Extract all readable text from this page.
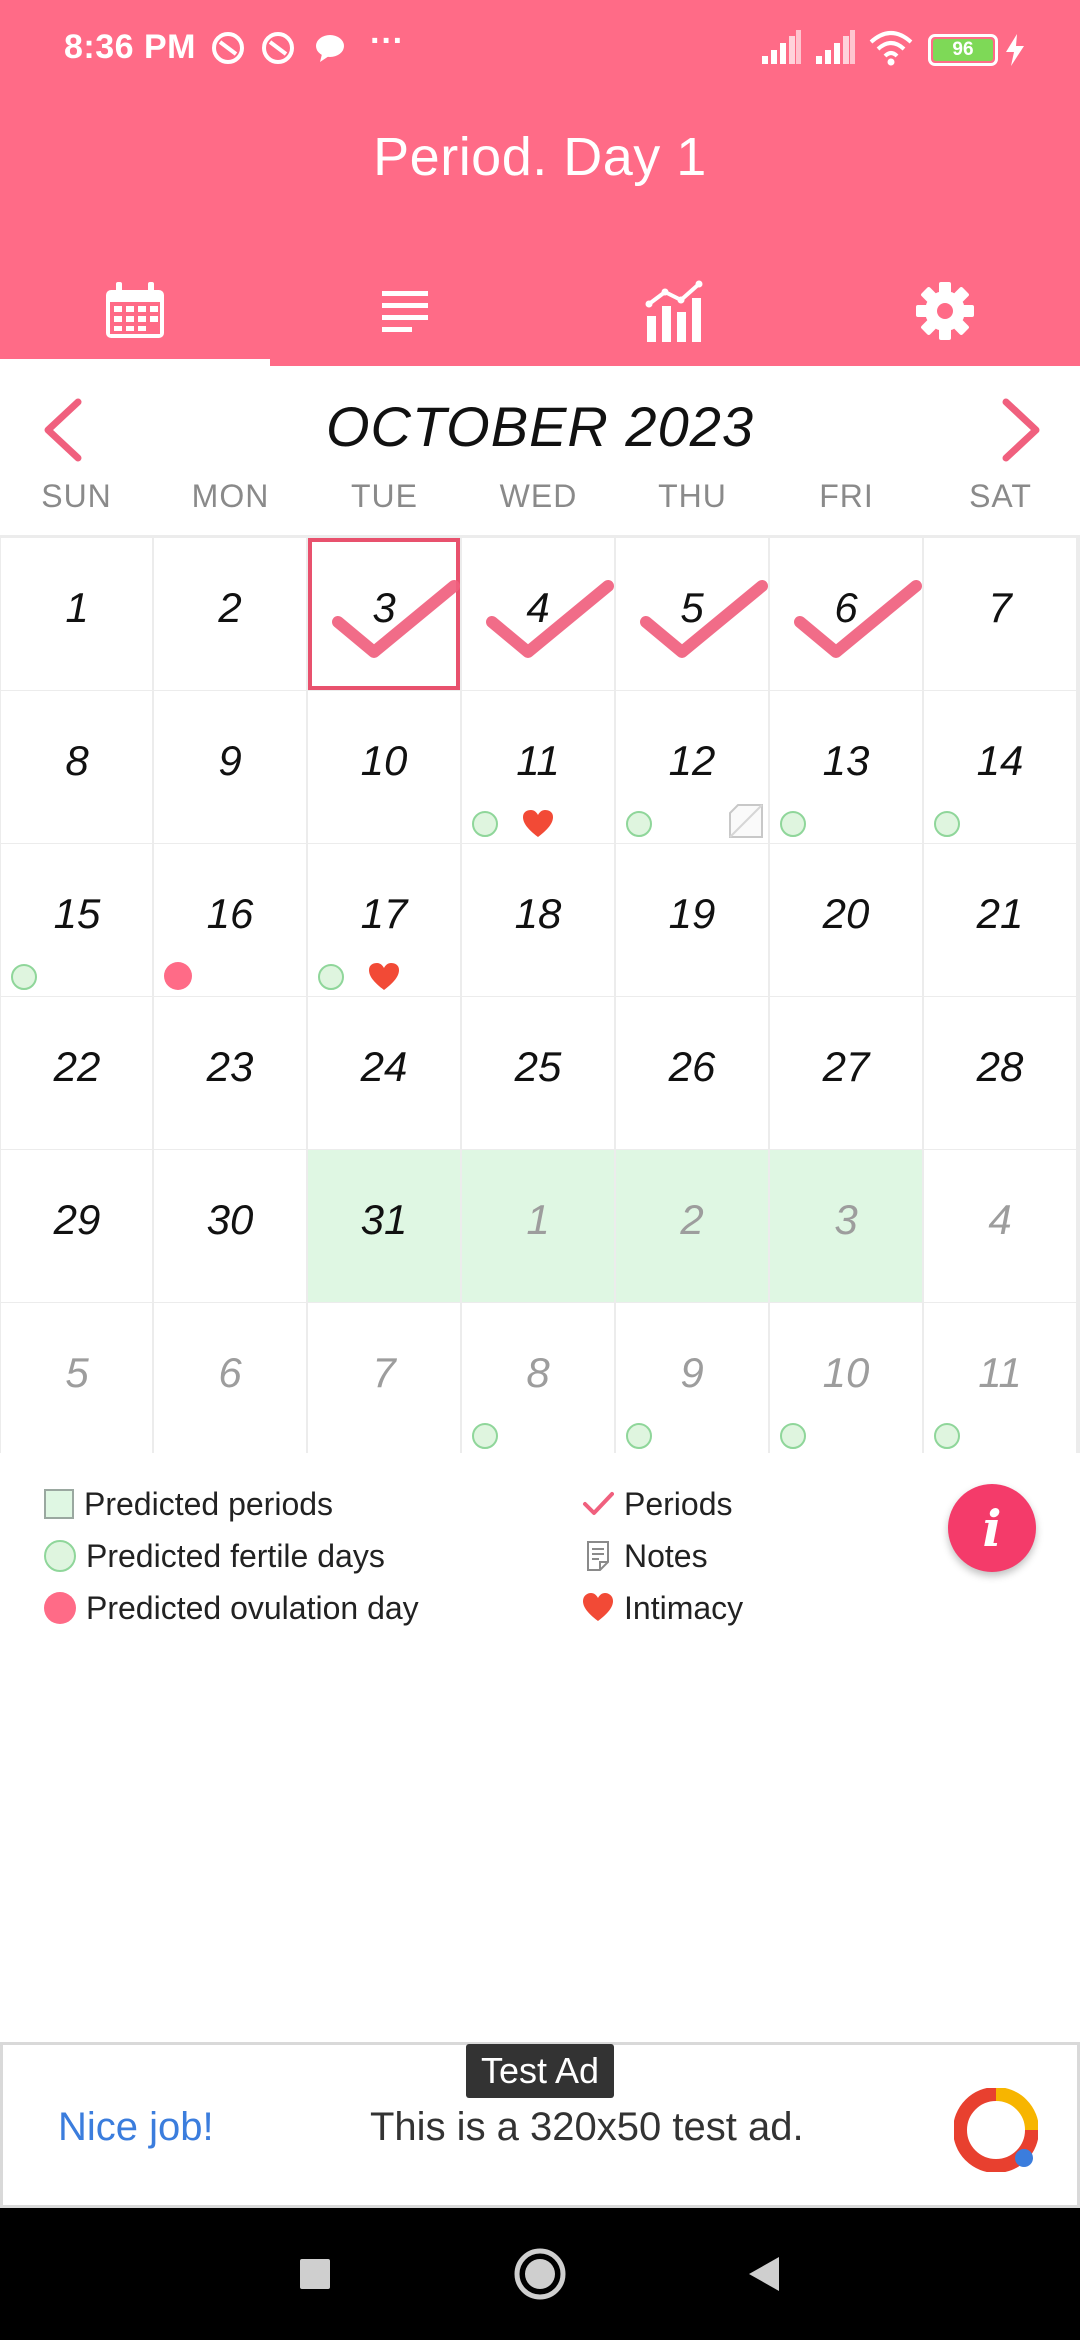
8:36 PM	···	96
Period. Day 1
OCTOBER 2023
SUN	MON	TUE	WED	THU	FRI	SAT
1	2	3	4	5	6	7
8	9	10	11	12	13	14
15	16	17	18	19	20	21
22	23	24	25	26	27	28
29	30	31	1	2	3	4
5	6	7	8	9	10	11
Predicted periods
Predicted fertile days
Predicted ovulation day
Periods
Notes
Intimacy
i
Test Ad
Nice job!	This is a 320x50 test ad.
